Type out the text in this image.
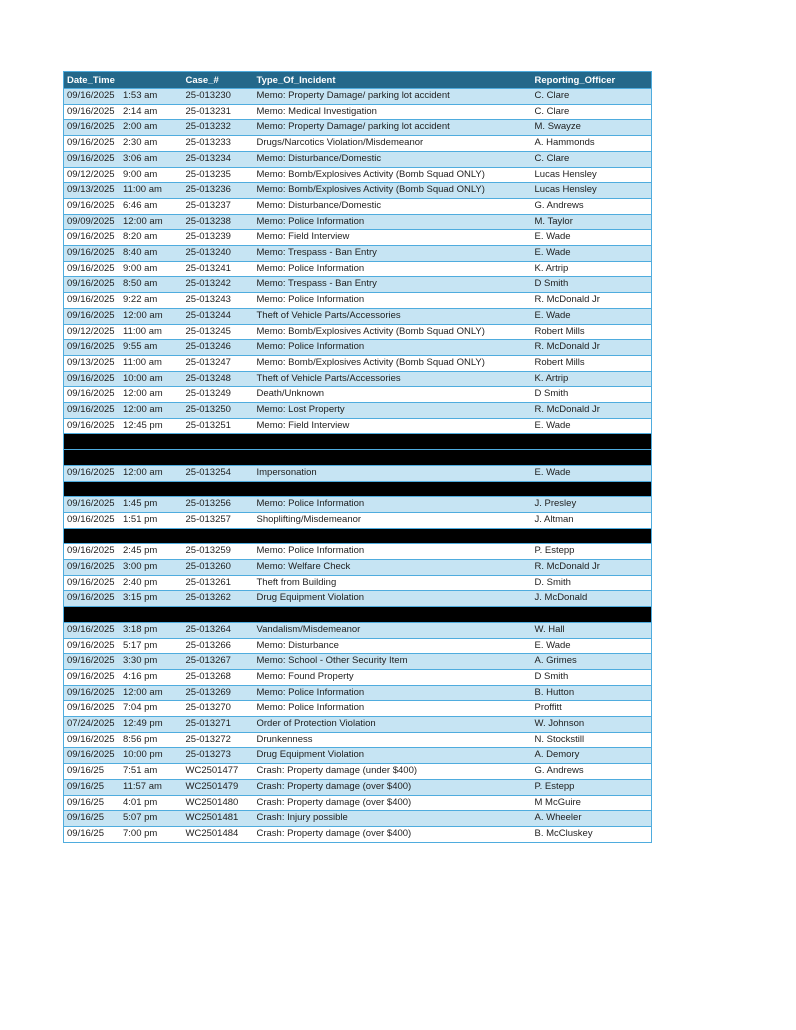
Date_Time	Case_#	Type_Of_Incident	Reporting_Officer
09/16/2025 1:53 am	25-013230	Memo: Property Damage/ parking lot accident	C. Clare
09/16/2025 2:14 am	25-013231	Memo: Medical Investigation	C. Clare
09/16/2025 2:00 am	25-013232	Memo: Property Damage/ parking lot accident	M. Swayze
09/16/2025 2:30 am	25-013233	Drugs/Narcotics Violation/Misdemeanor	A. Hammonds
09/16/2025 3:06 am	25-013234	Memo: Disturbance/Domestic	C. Clare
09/12/2025 9:00 am	25-013235	Memo: Bomb/Explosives Activity (Bomb Squad ONLY)	Lucas Hensley
09/13/2025 11:00 am	25-013236	Memo: Bomb/Explosives Activity (Bomb Squad ONLY)	Lucas Hensley
09/16/2025 6:46 am	25-013237	Memo: Disturbance/Domestic	G. Andrews
09/09/2025 12:00 am	25-013238	Memo: Police Information	M. Taylor
09/16/2025 8:20 am	25-013239	Memo: Field Interview	E. Wade
09/16/2025 8:40 am	25-013240	Memo: Trespass - Ban Entry	E. Wade
09/16/2025 9:00 am	25-013241	Memo: Police Information	K. Artrip
09/16/2025 8:50 am	25-013242	Memo: Trespass - Ban Entry	D Smith
09/16/2025 9:22 am	25-013243	Memo: Police Information	R. McDonald Jr
09/16/2025 12:00 am	25-013244	Theft of Vehicle Parts/Accessories	E. Wade
09/12/2025 11:00 am	25-013245	Memo: Bomb/Explosives Activity (Bomb Squad ONLY)	Robert Mills
09/16/2025 9:55 am	25-013246	Memo: Police Information	R. McDonald Jr
09/13/2025 11:00 am	25-013247	Memo: Bomb/Explosives Activity (Bomb Squad ONLY)	Robert Mills
09/16/2025 10:00 am	25-013248	Theft of Vehicle Parts/Accessories	K. Artrip
09/16/2025 12:00 am	25-013249	Death/Unknown	D Smith
09/16/2025 12:00 am	25-013250	Memo: Lost Property	R. McDonald Jr
09/16/2025 12:45 pm	25-013251	Memo: Field Interview	E. Wade

09/16/2025 12:00 am	25-013254	Impersonation	E. Wade

09/16/2025 1:45 pm	25-013256	Memo: Police Information	J. Presley
09/16/2025 1:51 pm	25-013257	Shoplifting/Misdemeanor	J. Altman

09/16/2025 2:45 pm	25-013259	Memo: Police Information	P. Estepp
09/16/2025 3:00 pm	25-013260	Memo: Welfare Check	R. McDonald Jr
09/16/2025 2:40 pm	25-013261	Theft from Building	D. Smith
09/16/2025 3:15 pm	25-013262	Drug Equipment Violation	J. McDonald

09/16/2025 3:18 pm	25-013264	Vandalism/Misdemeanor	W. Hall
09/16/2025 5:17 pm	25-013266	Memo: Disturbance	E. Wade
09/16/2025 3:30 pm	25-013267	Memo: School - Other Security Item	A. Grimes
09/16/2025 4:16 pm	25-013268	Memo: Found Property	D Smith
09/16/2025 12:00 am	25-013269	Memo: Police Information	B. Hutton
09/16/2025 7:04 pm	25-013270	Memo: Police Information	Proffitt
07/24/2025 12:49 pm	25-013271	Order of Protection Violation	W. Johnson
09/16/2025 8:56 pm	25-013272	Drunkenness	N. Stockstill
09/16/2025 10:00 pm	25-013273	Drug Equipment Violation	A. Demory
09/16/25 7:51 am	WC2501477	Crash: Property damage (under $400)	G. Andrews
09/16/25 11:57 am	WC2501479	Crash: Property damage (over $400)	P. Estepp
09/16/25 4:01 pm	WC2501480	Crash: Property damage (over $400)	M McGuire
09/16/25 5:07 pm	WC2501481	Crash: Injury possible	A. Wheeler
09/16/25 7:00 pm	WC2501484	Crash: Property damage (over $400)	B. McCluskey
